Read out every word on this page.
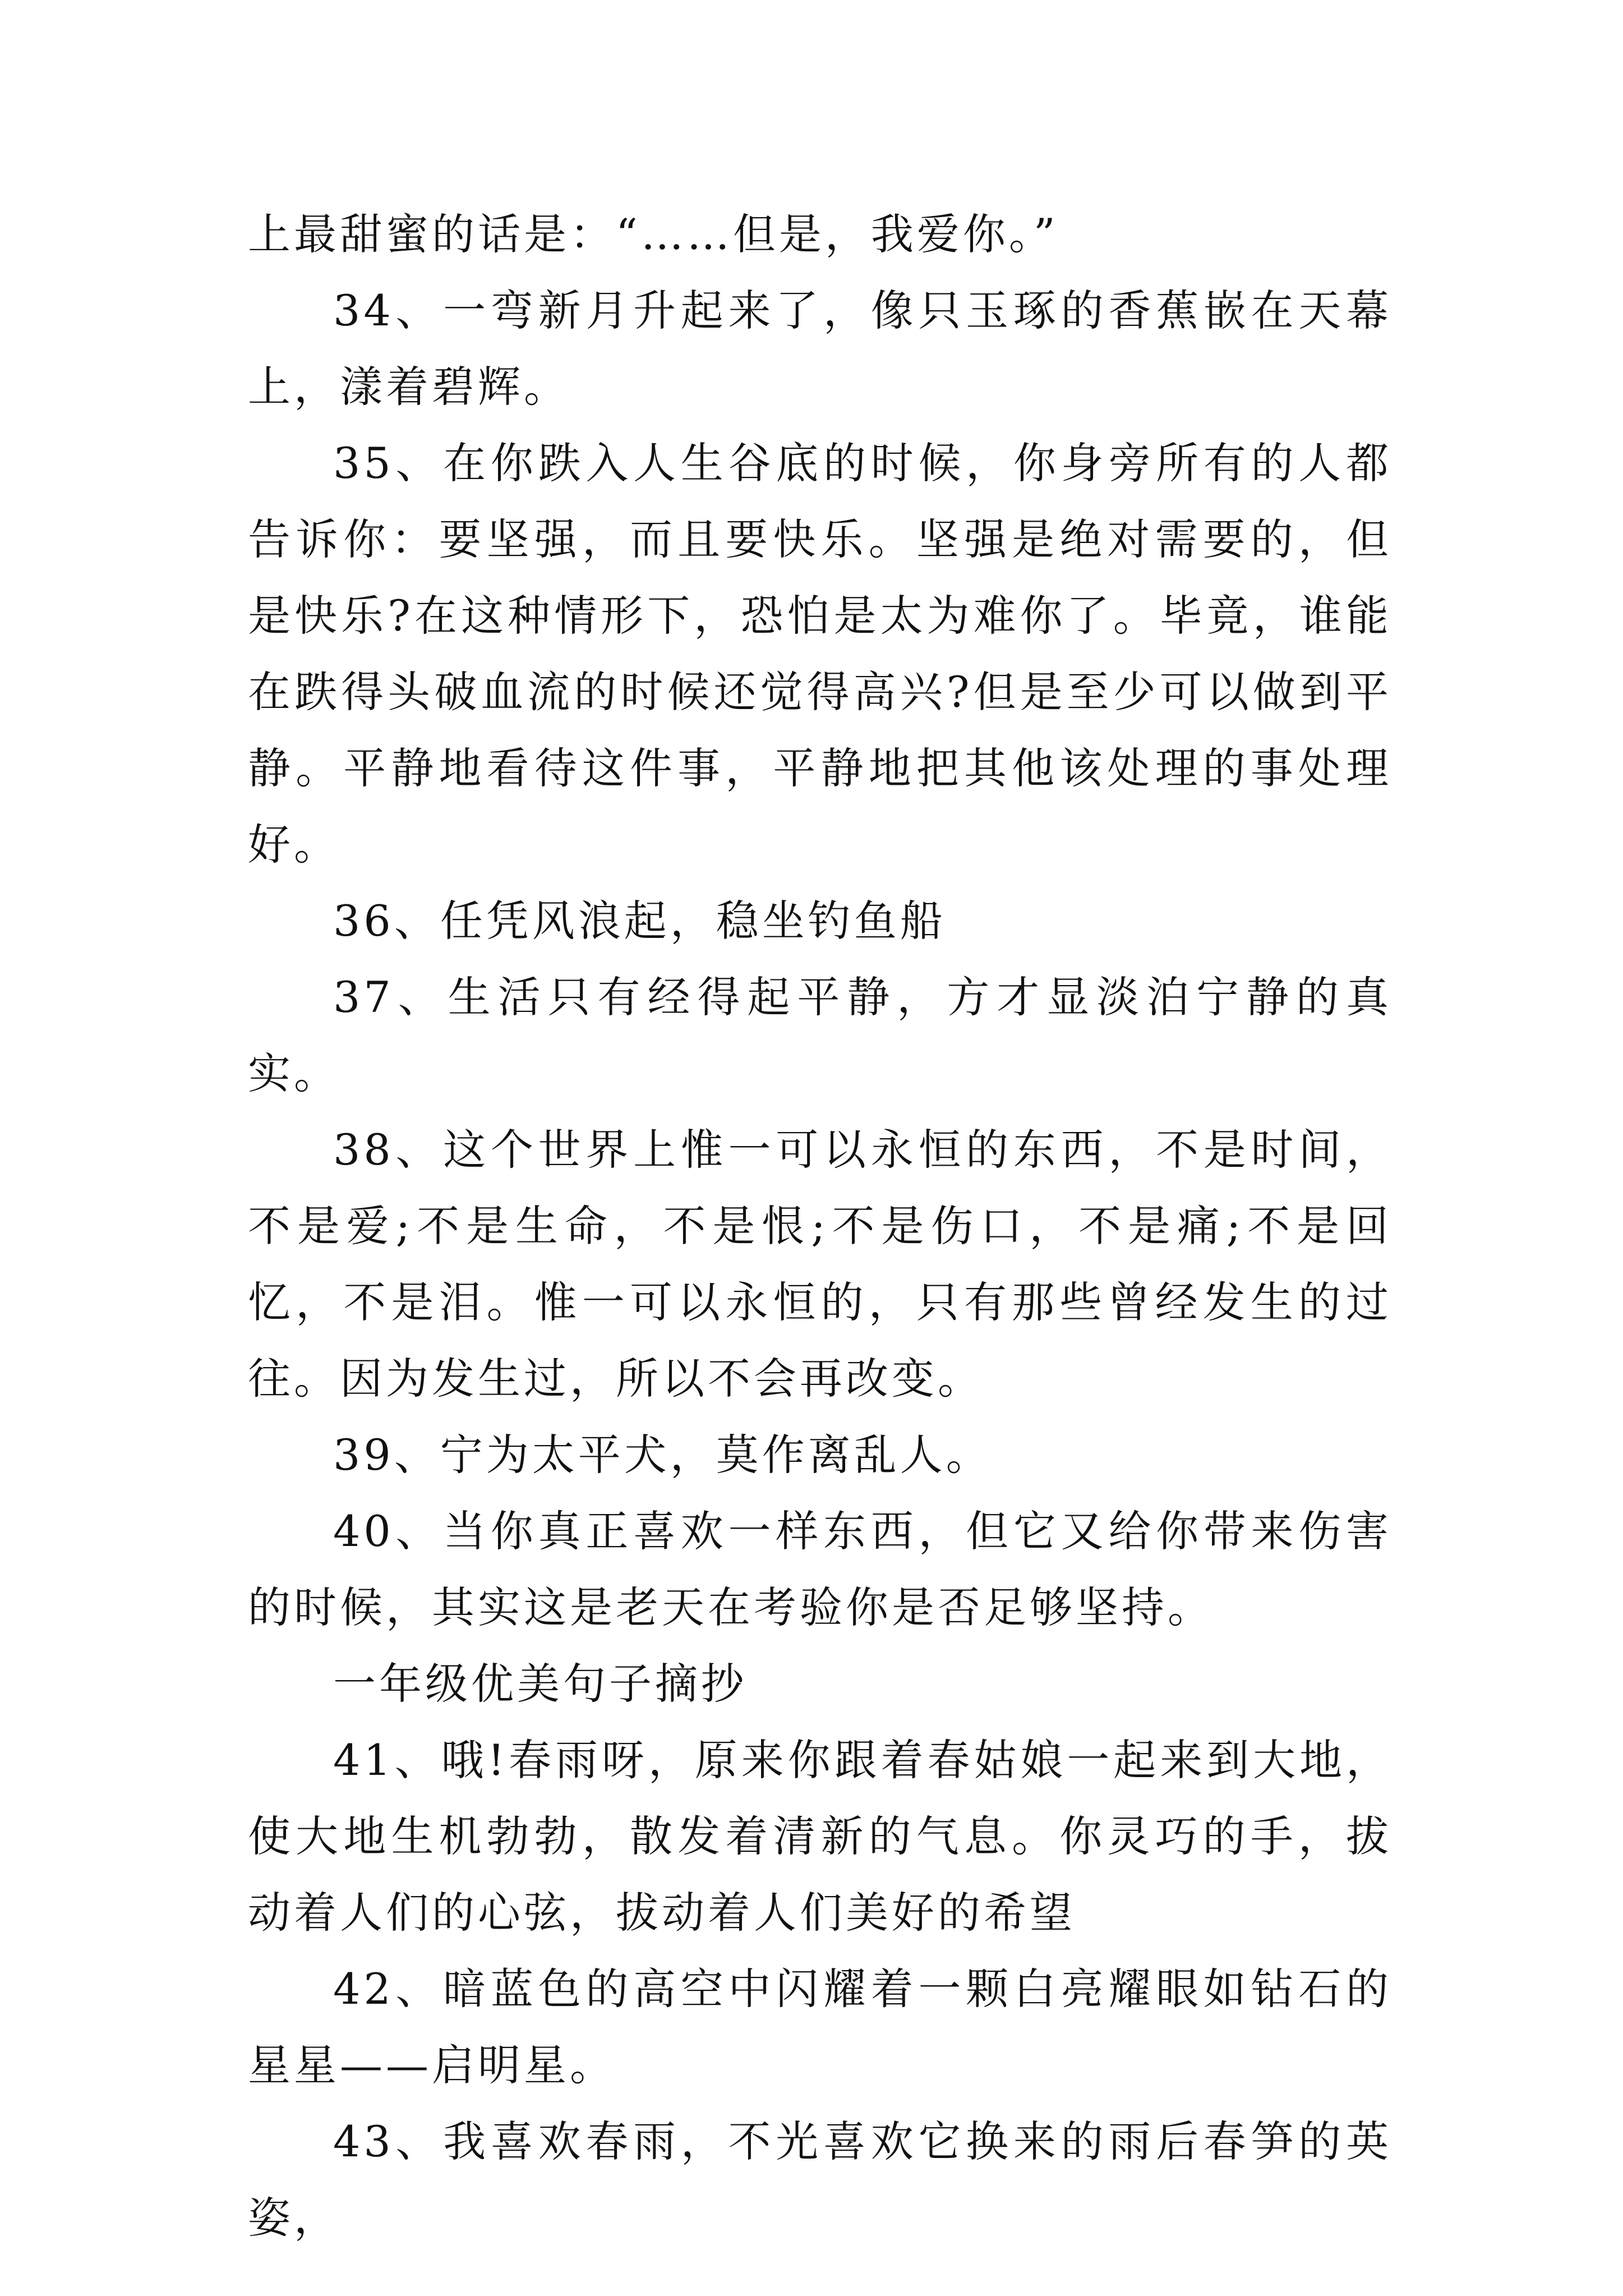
上最甜蜜的话是：“……但是，我爱你。”

34、一弯新月升起来了，像只玉琢的香蕉嵌在天幕上，漾着碧辉。

35、在你跌入人生谷底的时候，你身旁所有的人都告诉你：要坚强，而且要快乐。坚强是绝对需要的，但是快乐?在这种情形下，恐怕是太为难你了。毕竟，谁能在跌得头破血流的时候还觉得高兴?但是至少可以做到平静。平静地看待这件事，平静地把其他该处理的事处理好。

36、任凭风浪起，稳坐钓鱼船

37、生活只有经得起平静，方才显淡泊宁静的真实。

38、这个世界上惟一可以永恒的东西，不是时间，不是爱;不是生命，不是恨;不是伤口，不是痛;不是回忆，不是泪。惟一可以永恒的，只有那些曾经发生的过往。因为发生过，所以不会再改变。

39、宁为太平犬，莫作离乱人。

40、当你真正喜欢一样东西，但它又给你带来伤害的时候，其实这是老天在考验你是否足够坚持。

一年级优美句子摘抄

41、哦!春雨呀，原来你跟着春姑娘一起来到大地，使大地生机勃勃，散发着清新的气息。你灵巧的手，拔动着人们的心弦，拔动着人们美好的希望

42、暗蓝色的高空中闪耀着一颗白亮耀眼如钻石的星星——启明星。

43、我喜欢春雨，不光喜欢它换来的雨后春笋的英姿，
